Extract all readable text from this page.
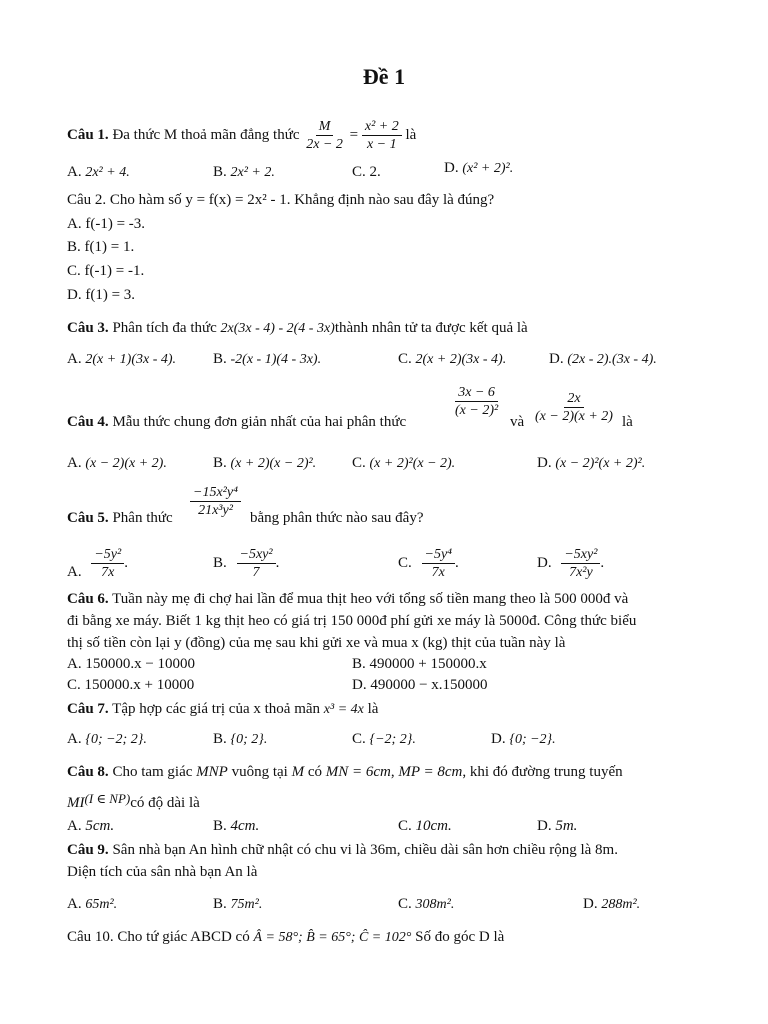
Đề 1
Câu 1. Đa thức M thoả mãn đẳng thức $\frac{M}{2x - 2} = \frac{\text{x² + 2}}{x - 1}$ là
A. 2x² + 4.	B. 2x² + 2.	C. 2.	D. (x² + 2)².
Câu 2. Cho hàm số y = f(x) = 2x² - 1. Khẳng định nào sau đây là đúng?
A. f(-1) = -3.
B. f(1) = 1.
C. f(-1) = -1.
D. f(1) = 3.
Câu 3. Phân tích đa thức 2x(3x - 4) - 2(4 - 3x)thành nhân tử ta được kết quả là
A. 2(x + 1)(3x - 4). B. -2(x - 1)(4 - 3x).	C. 2(x + 2)(3x - 4).	D. (2x - 2).(3x - 4).
Câu 4. Mẫu thức chung đơn giản nhất của hai phân thức
$\frac{3x - 6}{\text{(x − 2)²}}$
và $\frac{2x}{(x - 2)(x + 2)}$ là
A. (x − 2)(x + 2).	B. (x + 2)(x − 2)². C. (x + 2)²(x − 2).	D. (x − 2)²(x + 2)².
Câu 5. Phân thức $\frac{\text{−15x²y⁴}}{\text{21x³y²}}$ bằng phân thức nào sau đây?
A. $\frac{\text{−5y²}}{7x}$ .	B. $\frac{\text{−5xy²}}{7}$ .	C. $\frac{\text{−5y⁴}}{7x}$ .	D. $\frac{\text{−5xy²}}{\text{7x²y}}$ .
Câu 6. Tuần này mẹ đi chợ hai lần để mua thịt heo với tổng số tiền mang theo là 500 000đ và
đi bằng xe máy. Biết 1 kg thịt heo có giá trị 150 000đ phí gửi xe máy là 5000đ. Công thức biểu
thị số tiền còn lại y (đồng) của mẹ sau khi gửi xe và mua x (kg) thịt của tuần này là
A. 150000.x − 10000	B. 490000 + 150000.x
C. 150000.x + 10000	D. 490000 − x.150000
Câu 7. Tập hợp các giá trị của x thoả mãn x³ = 4x là
A. {0; −2; 2}.	B. {0; 2}.	C. {−2; 2}.	D. {0; −2}.
Câu 8. Cho tam giác MNP vuông tại M có MN = 6cm, MP = 8cm, khi đó đường trung tuyến
MI(I ∈ NP)có độ dài là
A. 5cm.	B. 4cm.	C. 10cm.	D. 5m.
Câu 9. Sân nhà bạn An hình chữ nhật có chu vi là 36m, chiều dài sân hơn chiều rộng là 8m.
Diện tích của sân nhà bạn An là
A. 65m².	B. 75m².	C. 308m².	D. 288m².
Câu 10. Cho tứ giác ABCD có Â = 58°; B̂ = 65°; Ĉ = 102° Số đo góc D là
